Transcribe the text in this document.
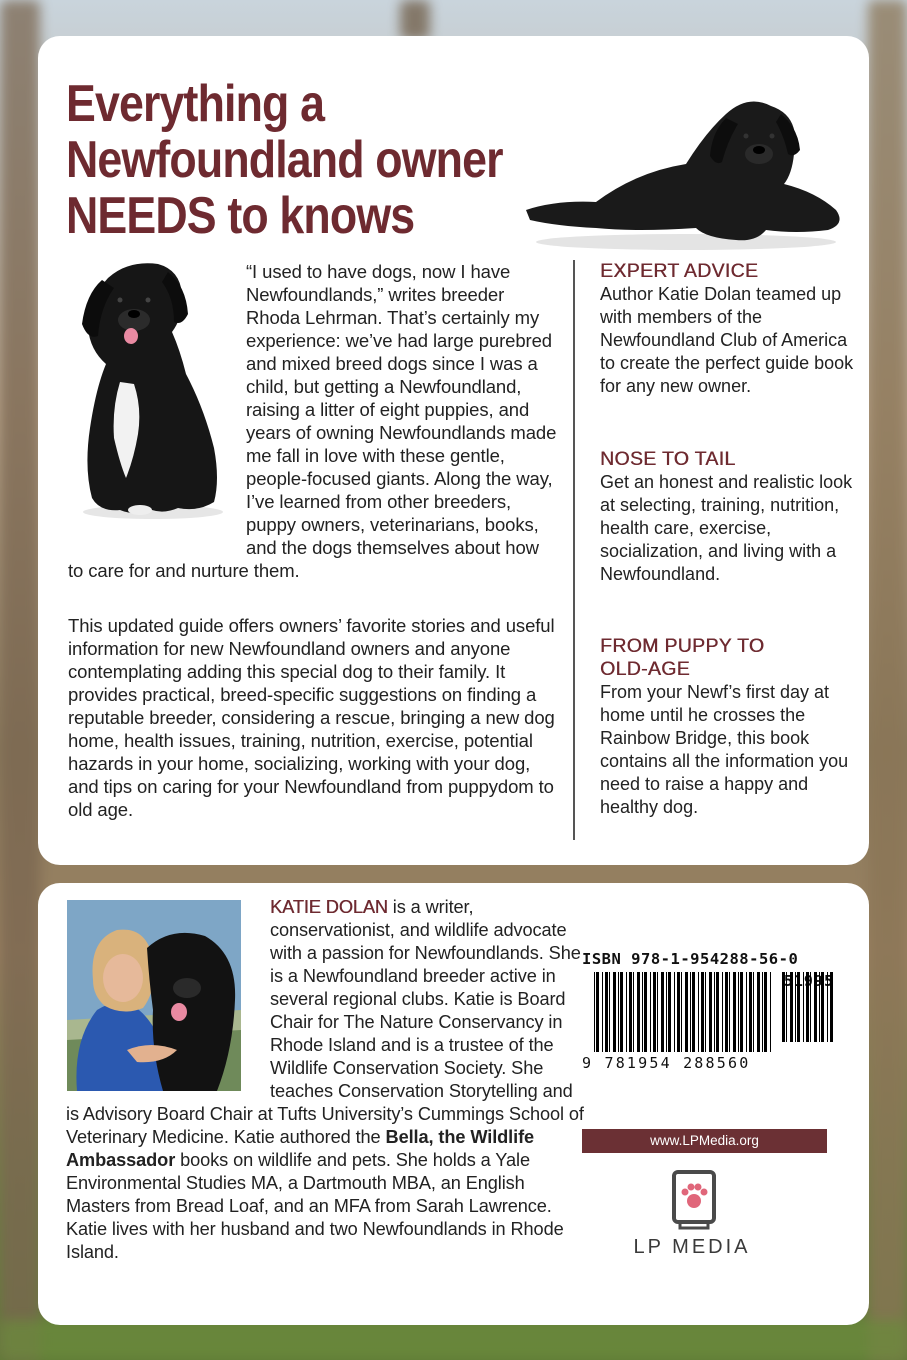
Everything a
Newfoundland owner
NEEDS to knows

“I used to have dogs, now I have Newfoundlands,” writes breeder Rhoda Lehrman. That’s certainly my experience: we’ve had large purebred and mixed breed dogs since I was a child, but getting a Newfoundland, raising a litter of eight puppies, and years of owning Newfoundlands made me fall in love with these gentle, people-focused giants. Along the way, I’ve learned from other breeders, puppy owners, veterinarians, books, and the dogs themselves about how to care for and nurture them.

This updated guide offers owners’ favorite stories and useful information for new Newfoundland owners and anyone contemplating adding this special dog to their family. It provides practical, breed-specific suggestions on finding a reputable breeder, considering a rescue, bringing a new dog home, health issues, training, nutrition, exercise, potential hazards in your home, socializing, working with your dog, and tips on caring for your Newfoundland from puppydom to old age.

EXPERT ADVICE

Author Katie Dolan teamed up with members of the Newfoundland Club of America to create the perfect guide book for any new owner.

NOSE TO TAIL

Get an honest and realistic look at selecting, training, nutrition, health care, exercise, socialization, and living with a Newfoundland.

FROM PUPPY TO OLD-AGE

From your Newf’s first day at home until he crosses the Rainbow Bridge, this book contains all the information you need to raise a happy and healthy dog.

KATIE DOLAN is a writer, conservationist, and wildlife advocate with a passion for Newfoundlands. She is a Newfoundland breeder active in several regional clubs. Katie is Board Chair for The Nature Conservancy in Rhode Island and is a trustee of the Wildlife Conservation Society. She teaches Conservation Storytelling and is Advisory Board Chair at Tufts University’s Cummings School of Veterinary Medicine. Katie authored the Bella, the Wildlife Ambassador books on wildlife and pets. She holds a Yale Environmental Studies MA, a Dartmouth MBA, an English Masters from Bread Loaf, and an MFA from Sarah Lawrence. Katie lives with her husband and two Newfoundlands in Rhode Island.

ISBN 978-1-954288-56-0
9 781954 288560
www.LPMedia.org
LP MEDIA
